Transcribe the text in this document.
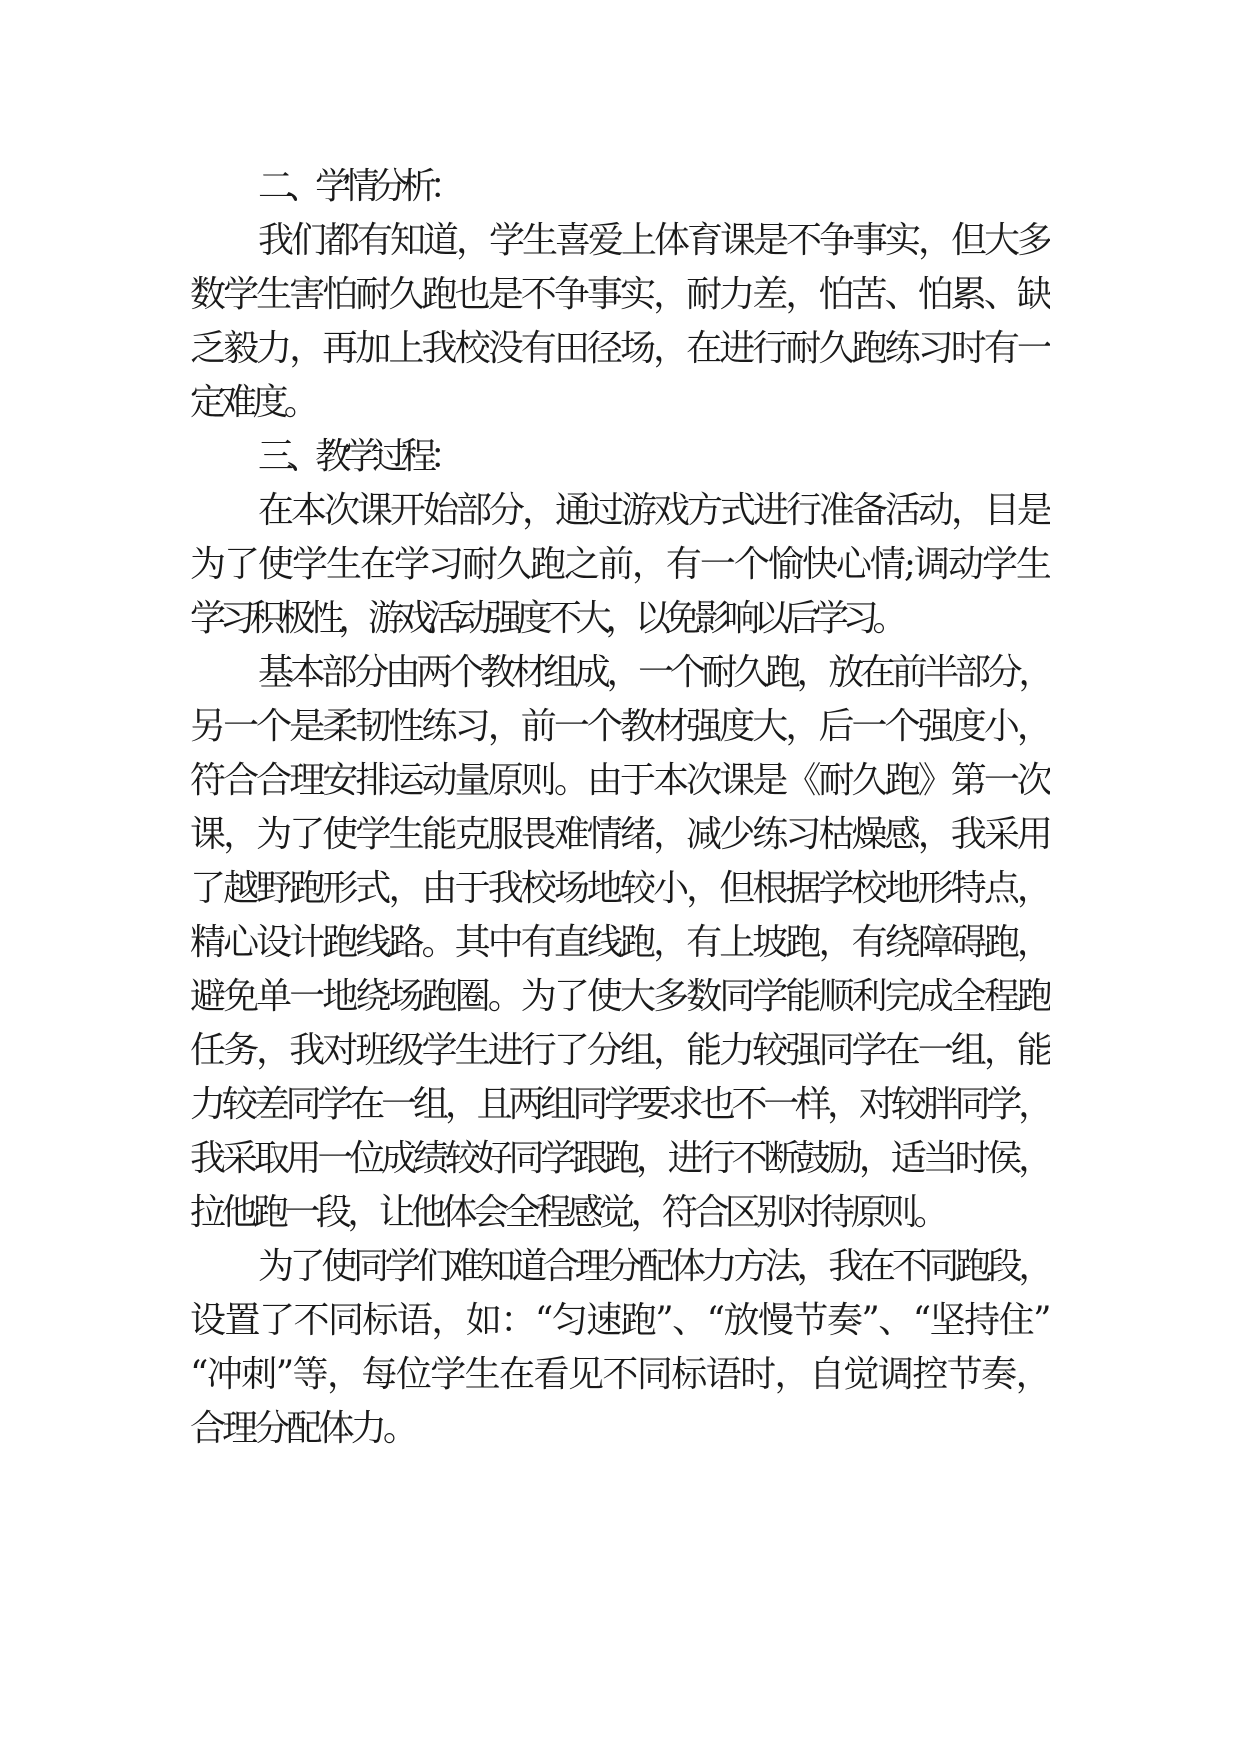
二、学情分析：
我们都有知道，学生喜爱上体育课是不争事实，但大多
数学生害怕耐久跑也是不争事实，耐力差，怕苦、怕累、缺
乏毅力，再加上我校没有田径场，在进行耐久跑练习时有一
定难度。
三、教学过程：
在本次课开始部分，通过游戏方式进行准备活动，目是
为了使学生在学习耐久跑之前，有一个愉快心情;调动学生
学习积极性，游戏活动强度不大，以免影响以后学习。
基本部分由两个教材组成，一个耐久跑，放在前半部分，
另一个是柔韧性练习，前一个教材强度大，后一个强度小，
符合合理安排运动量原则。由于本次课是《耐久跑》第一次
课，为了使学生能克服畏难情绪，减少练习枯燥感，我采用
了越野跑形式，由于我校场地较小，但根据学校地形特点，
精心设计跑线路。其中有直线跑，有上坡跑，有绕障碍跑，
避免单一地绕场跑圈。为了使大多数同学能顺利完成全程跑
任务，我对班级学生进行了分组，能力较强同学在一组，能
力较差同学在一组，且两组同学要求也不一样，对较胖同学，
我采取用一位成绩较好同学跟跑，进行不断鼓励，适当时侯，
拉他跑一段，让他体会全程感觉，符合区别对待原则。
为了使同学们难知道合理分配体力方法，我在不同跑段，
设置了不同标语，如：“匀速跑”、“放慢节奏”、“坚持住”
“冲刺”等，每位学生在看见不同标语时，自觉调控节奏，
合理分配体力。
